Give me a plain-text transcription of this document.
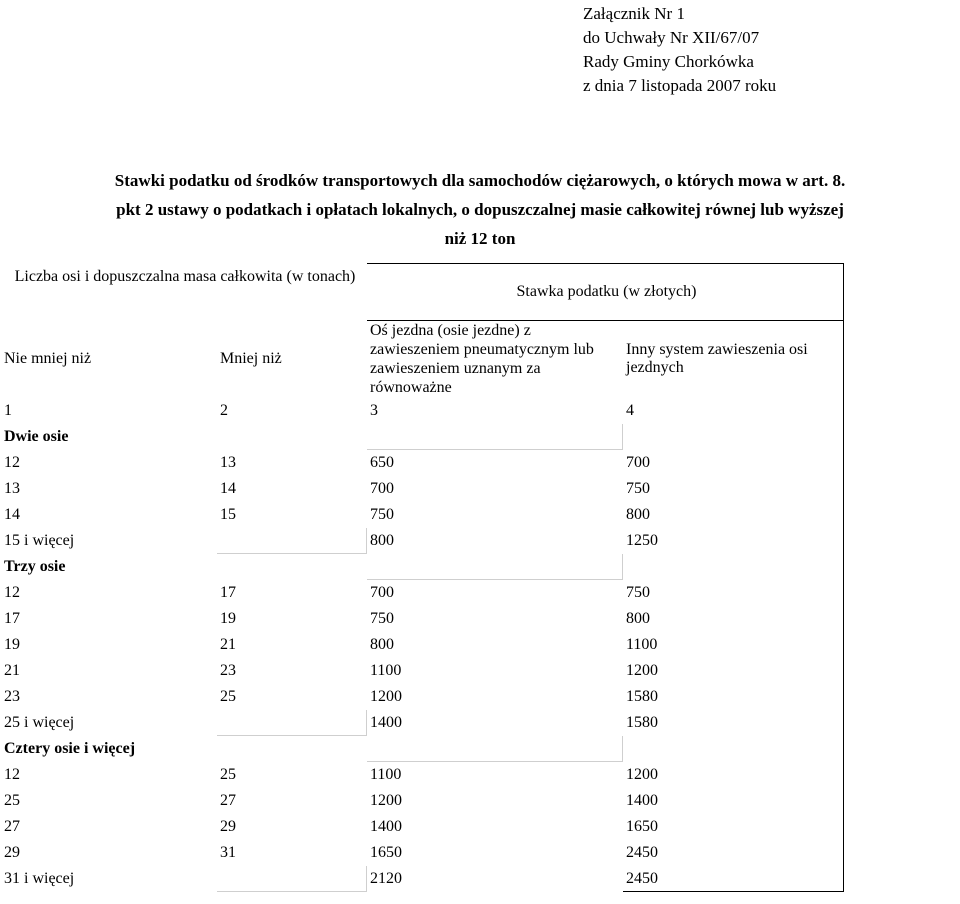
Załącznik Nr 1
do Uchwały Nr XII/67/07
Rady Gminy Chorkówka
z dnia 7 listopada 2007 roku
Stawki podatku od środków transportowych dla samochodów ciężarowych, o których mowa w art. 8.
pkt 2 ustawy o podatkach i opłatach lokalnych, o dopuszczalnej masie całkowitej równej lub wyższej
niż 12 ton
Liczba osi i dopuszczalna masa całkowita (w tonach)		Stawka podatku (w złotych)	

Nie mniej niż	Mniej niż	Oś jezdna (osie jezdne) z zawieszeniem pneumatycznym lub zawieszeniem uznanym za równoważne	Inny system zawieszenia osi jezdnych
1	2	3	4
Dwie osie			
12	13	650	700
13	14	700	750
14	15	750	800
15 i więcej		800	1250
Trzy osie			
12	17	700	750
17	19	750	800
19	21	800	1100
21	23	1100	1200
23	25	1200	1580
25 i więcej		1400	1580
Cztery osie i więcej			
12	25	1100	1200
25	27	1200	1400
27	29	1400	1650
29	31	1650	2450
31 i więcej		2120	2450
